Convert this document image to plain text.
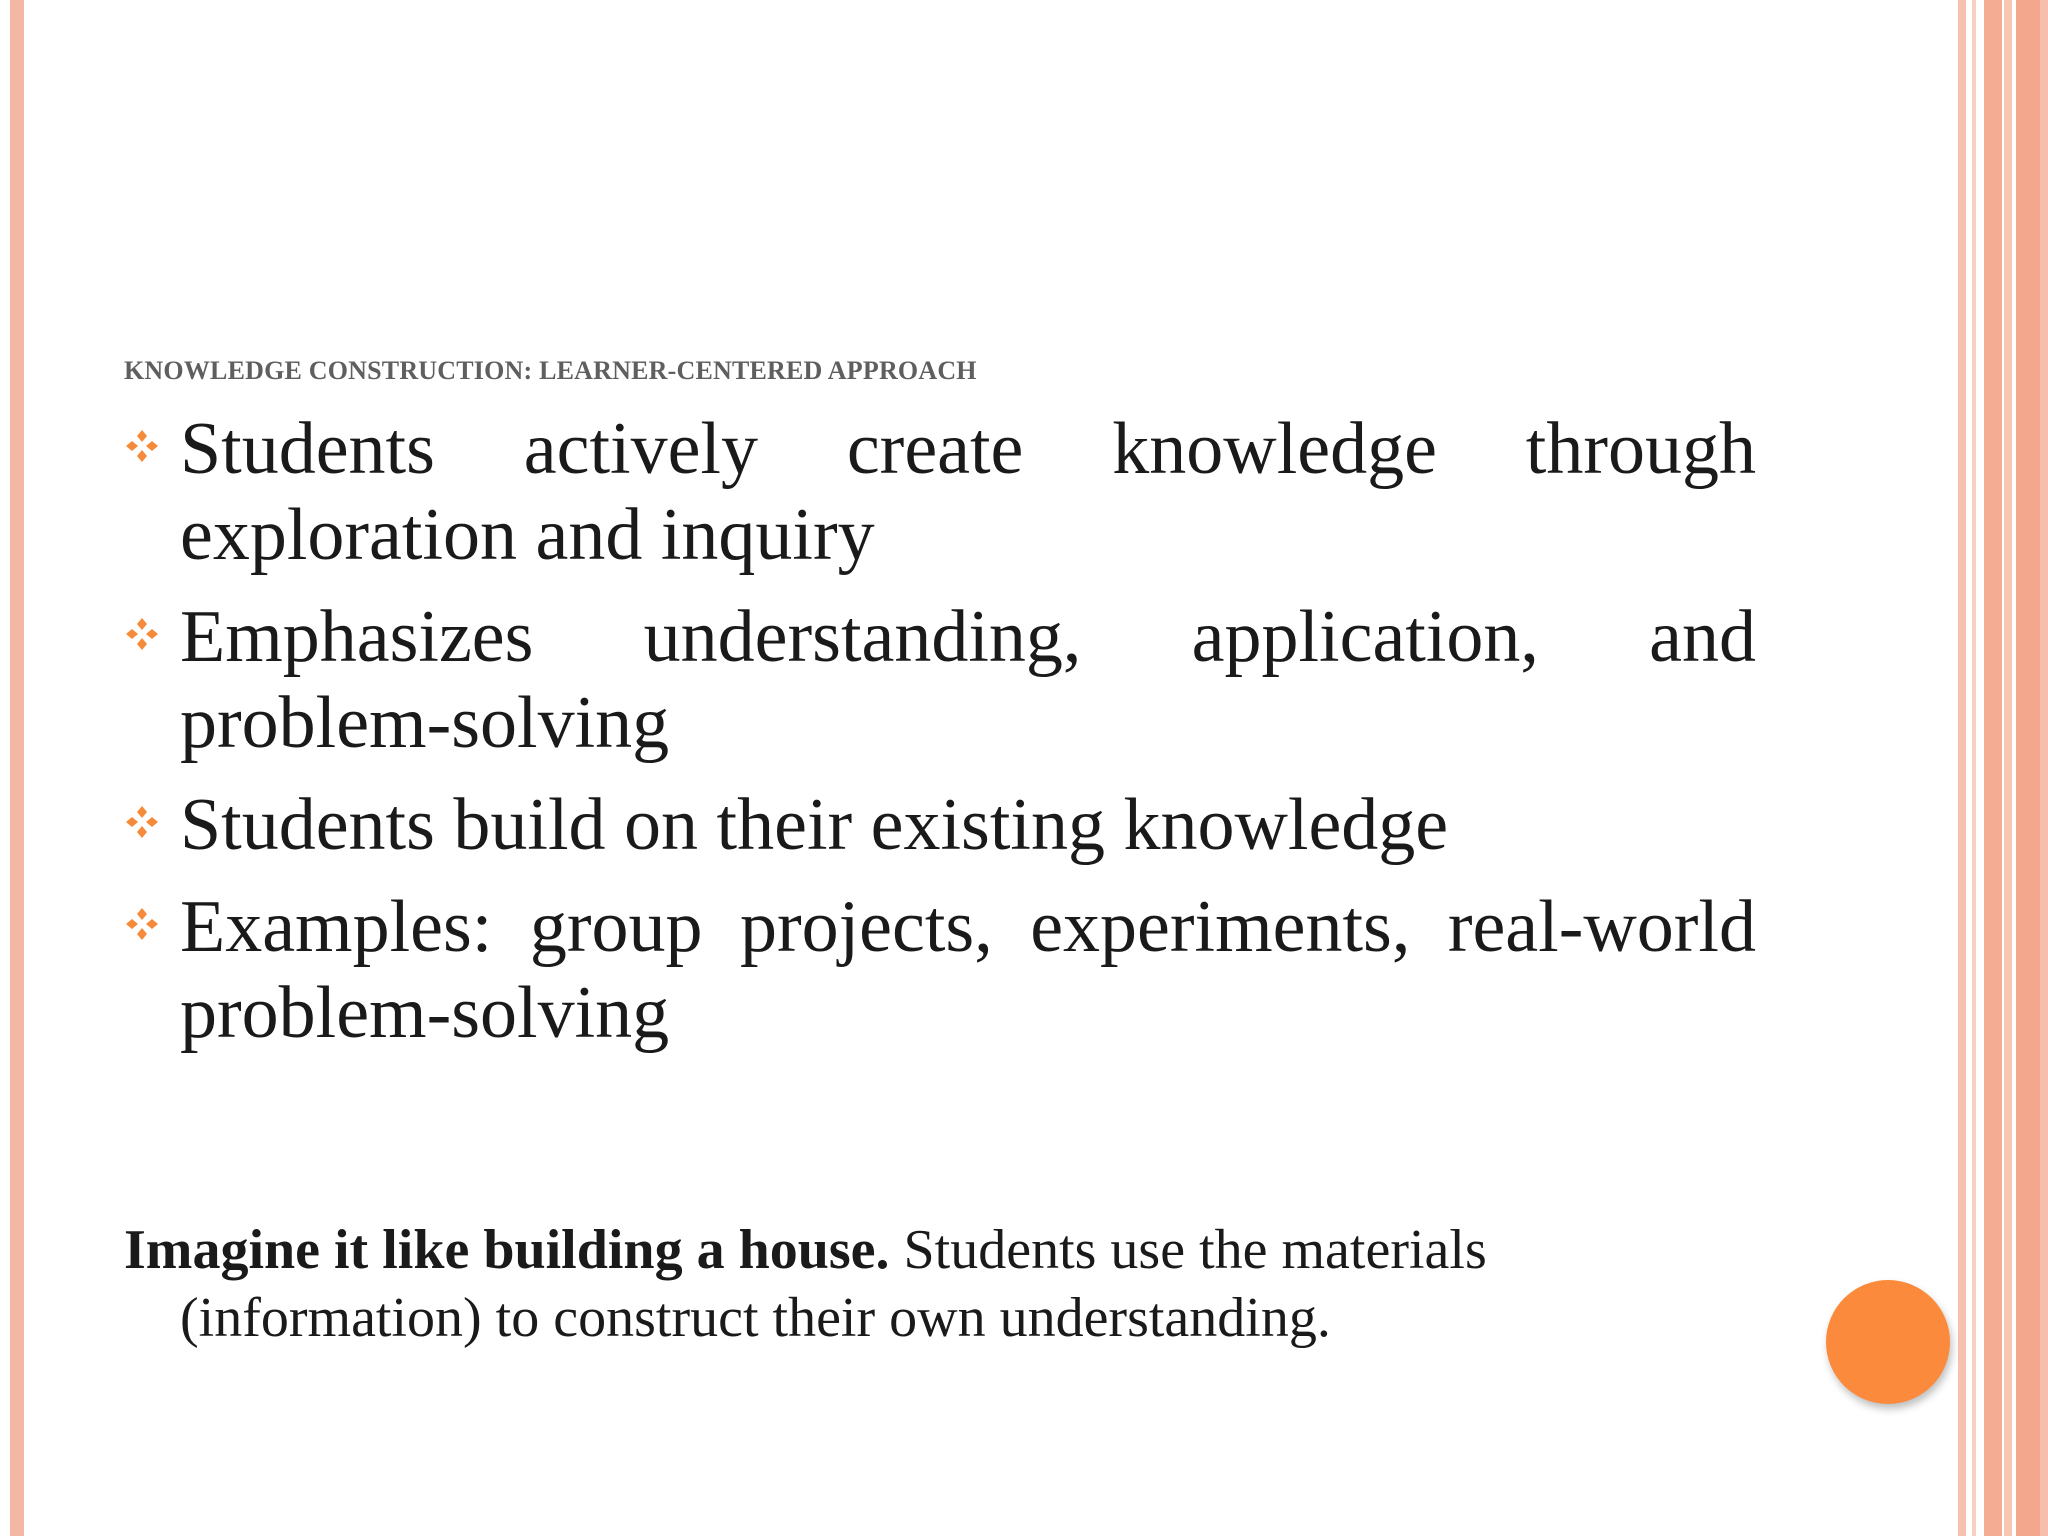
KNOWLEDGE CONSTRUCTION: LEARNER-CENTERED APPROACH
Students actively create knowledge through exploration and inquiry
Emphasizes understanding, application, and problem-solving
Students build on their existing knowledge
Examples: group projects, experiments, real-world problem-solving
Imagine it like building a house. Students use the materials (information) to construct their own understanding.
